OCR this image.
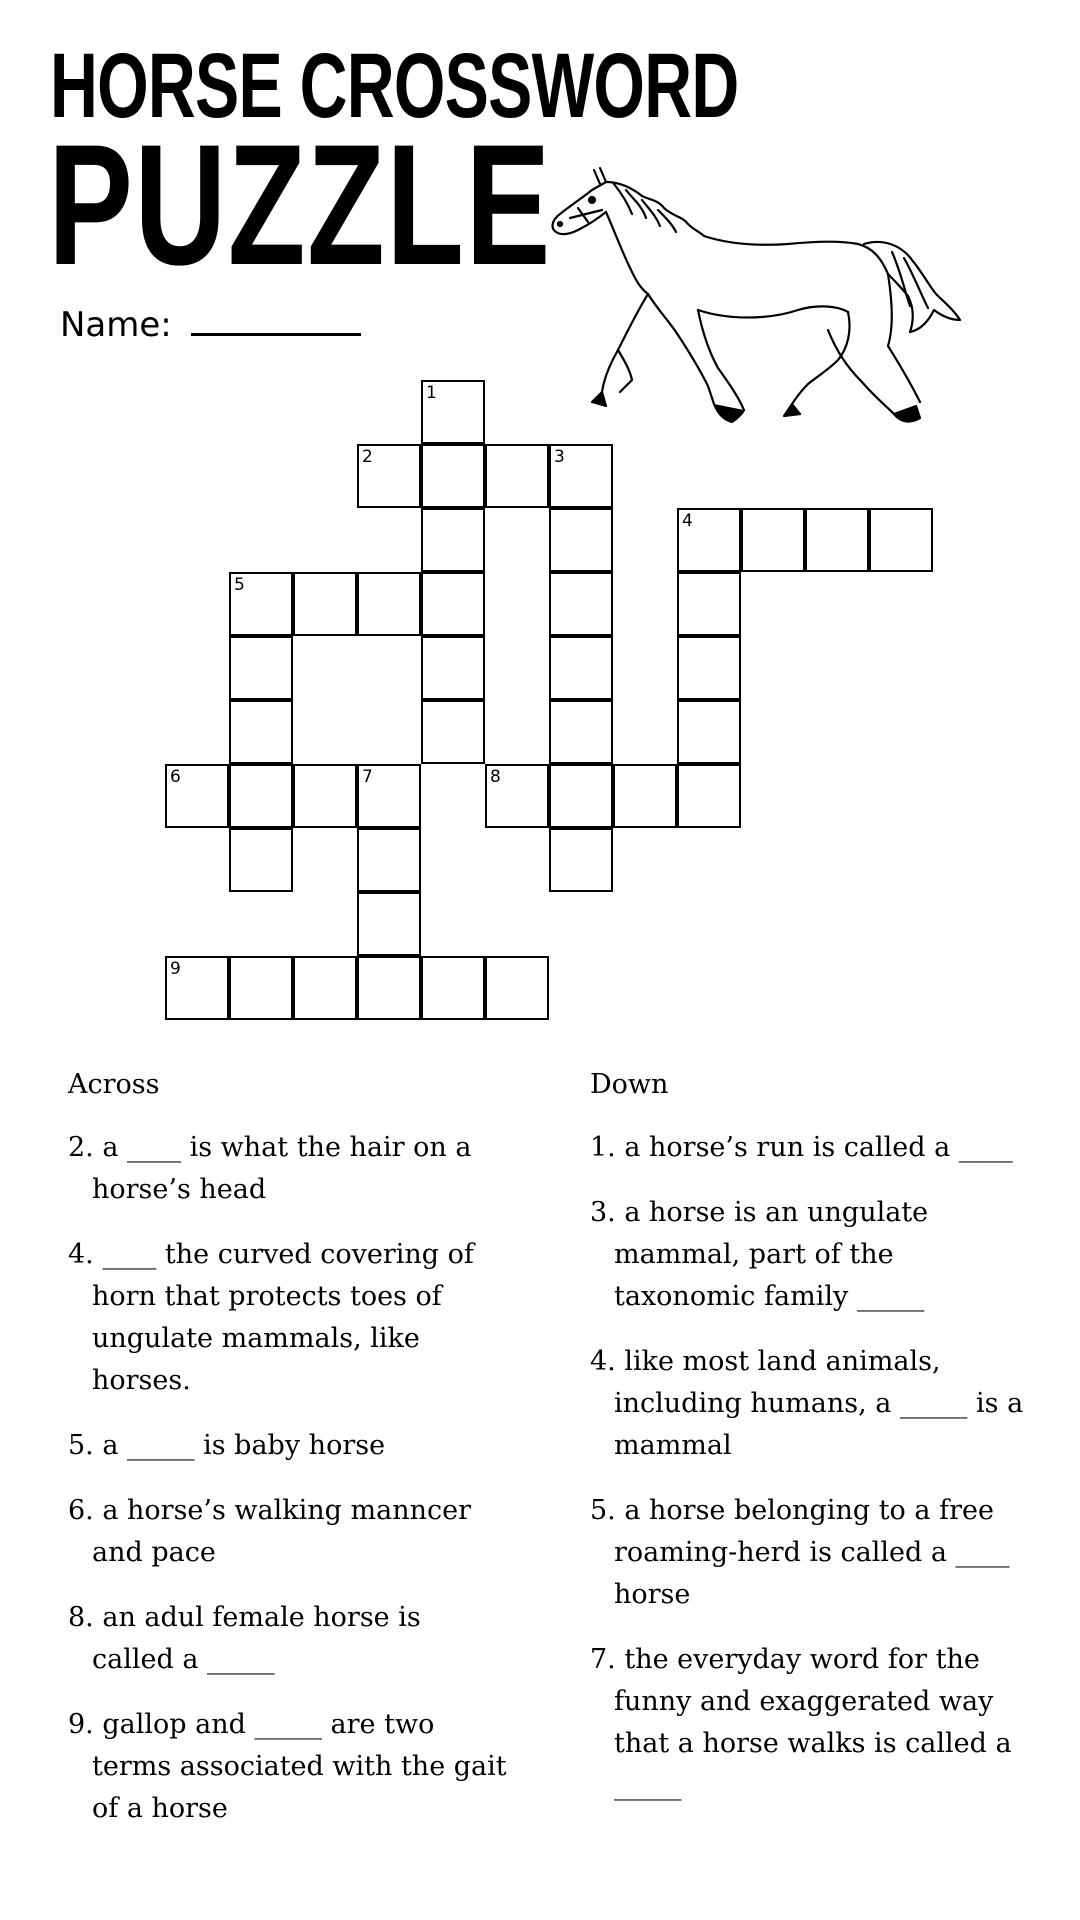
HORSE CROSSWORD
PUZZLE
Name:
1
2	3
4
5
6	7	8
9

Across

2. a ____ is what the hair on a horse’s head

4. ____ the curved covering of horn that protects toes of ungulate mammals, like horses.

5. a _____ is baby horse

6. a horse’s walking manncer and pace

8. an adul female horse is called a _____

9. gallop and _____ are two terms associated with the gait of a horse

Down

1. a horse’s run is called a ____

3. a horse is an ungulate mammal, part of the taxonomic family _____

4. like most land animals, including humans, a _____ is a mammal

5. a horse belonging to a free roaming-herd is called a ____ horse

7. the everyday word for the funny and exaggerated way that a horse walks is called a _____
